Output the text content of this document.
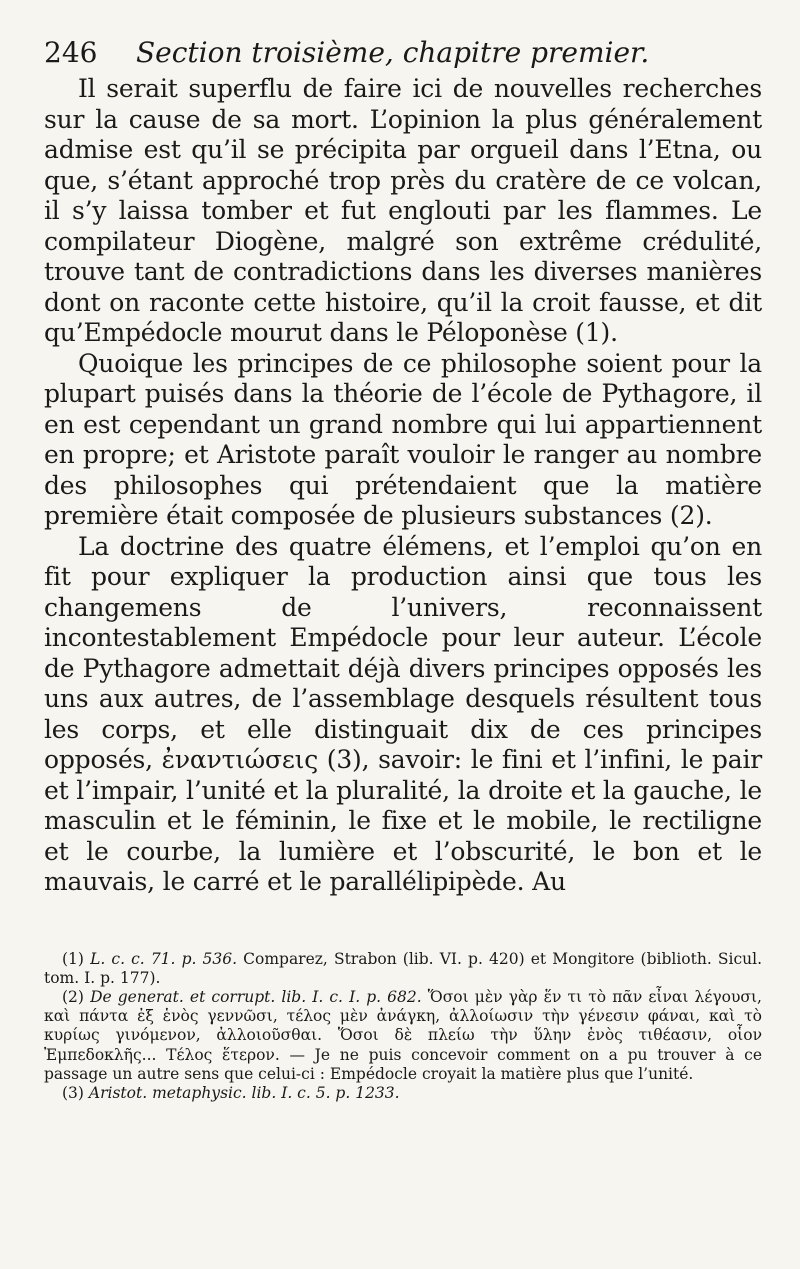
246 Section troisième, chapitre premier.

Il serait superflu de faire ici de nouvelles recherches sur la cause de sa mort. L’opinion la plus généralement admise est qu’il se précipita par orgueil dans l’Etna, ou que, s’étant approché trop près du cratère de ce volcan, il s’y laissa tomber et fut englouti par les flammes. Le compilateur Diogène, malgré son extrême crédulité, trouve tant de contradictions dans les diverses manières dont on raconte cette histoire, qu’il la croit fausse, et dit qu’Empédocle mourut dans le Péloponèse (1).

Quoique les principes de ce philosophe soient pour la plupart puisés dans la théorie de l’école de Pythagore, il en est cependant un grand nombre qui lui appartiennent en propre; et Aristote paraît vouloir le ranger au nombre des philosophes qui prétendaient que la matière première était composée de plusieurs substances (2).

La doctrine des quatre élémens, et l’emploi qu’on en fit pour expliquer la production ainsi que tous les changemens de l’univers, reconnaissent incontestablement Empédocle pour leur auteur. L’école de Pythagore admettait déjà divers principes opposés les uns aux autres, de l’assemblage desquels résultent tous les corps, et elle distinguait dix de ces principes opposés, ἐναντιώσεις (3), savoir: le fini et l’infini, le pair et l’impair, l’unité et la pluralité, la droite et la gauche, le masculin et le féminin, le fixe et le mobile, le rectiligne et le courbe, la lumière et l’obscurité, le bon et le mauvais, le carré et le parallélipipède. Au

(1) L. c. c. 71. p. 536. Comparez, Strabon (lib. VI. p. 420) et Mongitore (biblioth. Sicul. tom. I. p. 177).

(2) De generat. et corrupt. lib. I. c. I. p. 682. Ὅσοι μὲν γὰρ ἕν τι τὸ πᾶν εἶναι λέγουσι, καὶ πάντα ἐξ ἑνὸς γεννῶσι, τέλος μὲν ἀνάγκη, ἀλλοίωσιν τὴν γένεσιν φάναι, καὶ τὸ κυρίως γινόμενον, ἀλλοιοῦσθαι. Ὅσοι δὲ πλείω τὴν ὕλην ἑνὸς τιθέασιν, οἷον Ἐμπεδοκλῆς... Τέλος ἕτερον. — Je ne puis concevoir comment on a pu trouver à ce passage un autre sens que celui-ci : Empédocle croyait la matière plus que l’unité.

(3) Aristot. metaphysic. lib. I. c. 5. p. 1233.
